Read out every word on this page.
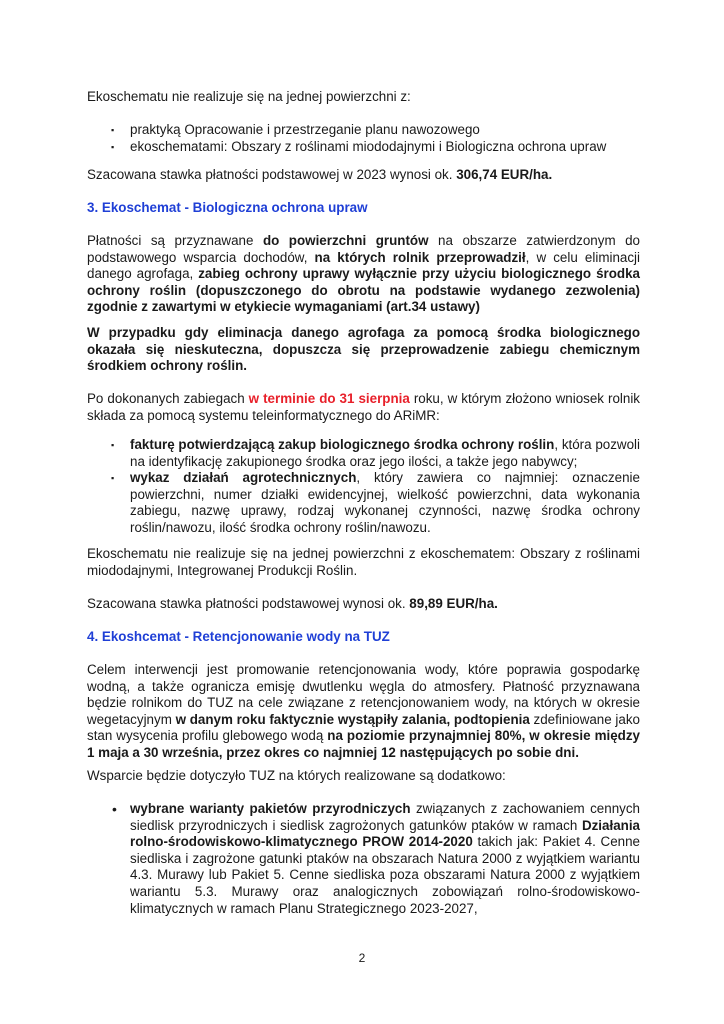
Ekoschematu nie realizuje się na jednej powierzchni z:

▪ praktyką Opracowanie i przestrzeganie planu nawozowego
▪ ekoschematami: Obszary z roślinami miododajnymi i Biologiczna ochrona upraw

Szacowana stawka płatności podstawowej w 2023 wynosi ok. 306,74 EUR/ha.

3. Ekoschemat - Biologiczna ochrona upraw

Płatności są przyznawane do powierzchni gruntów na obszarze zatwierdzonym do podstawowego wsparcia dochodów, na których rolnik przeprowadził, w celu eliminacji danego agrofaga, zabieg ochrony uprawy wyłącznie przy użyciu biologicznego środka ochrony roślin (dopuszczonego do obrotu na podstawie wydanego zezwolenia) zgodnie z zawartymi w etykiecie wymaganiami (art.34 ustawy)

W przypadku gdy eliminacja danego agrofaga za pomocą środka biologicznego okazała się nieskuteczna, dopuszcza się przeprowadzenie zabiegu chemicznym środkiem ochrony roślin.

Po dokonanych zabiegach w terminie do 31 sierpnia roku, w którym złożono wniosek rolnik składa za pomocą systemu teleinformatycznego do ARiMR:

▪ fakturę potwierdzającą zakup biologicznego środka ochrony roślin, która pozwoli na identyfikację zakupionego środka oraz jego ilości, a także jego nabywcy;
▪ wykaz działań agrotechnicznych, który zawiera co najmniej: oznaczenie powierzchni, numer działki ewidencyjnej, wielkość powierzchni, data wykonania zabiegu, nazwę uprawy, rodzaj wykonanej czynności, nazwę środka ochrony roślin/nawozu, ilość środka ochrony roślin/nawozu.

Ekoschematu nie realizuje się na jednej powierzchni z ekoschematem: Obszary z roślinami miododajnymi, Integrowanej Produkcji Roślin.

Szacowana stawka płatności podstawowej wynosi ok. 89,89 EUR/ha.

4. Ekoshcemat - Retencjonowanie wody na TUZ

Celem interwencji jest promowanie retencjonowania wody, które poprawia gospodarkę wodną, a także ogranicza emisję dwutlenku węgla do atmosfery. Płatność przyznawana będzie rolnikom do TUZ na cele związane z retencjonowaniem wody, na których w okresie wegetacyjnym w danym roku faktycznie wystąpiły zalania, podtopienia zdefiniowane jako stan wysycenia profilu glebowego wodą na poziomie przynajmniej 80%, w okresie między 1 maja a 30 września, przez okres co najmniej 12 następujących po sobie dni.

Wsparcie będzie dotyczyło TUZ na których realizowane są dodatkowo:

• wybrane warianty pakietów przyrodniczych związanych z zachowaniem cennych siedlisk przyrodniczych i siedlisk zagrożonych gatunków ptaków w ramach Działania rolno-środowiskowo-klimatycznego PROW 2014-2020 takich jak: Pakiet 4. Cenne siedliska i zagrożone gatunki ptaków na obszarach Natura 2000 z wyjątkiem wariantu 4.3. Murawy lub Pakiet 5. Cenne siedliska poza obszarami Natura 2000 z wyjątkiem wariantu 5.3. Murawy oraz analogicznych zobowiązań rolno-środowiskowo-klimatycznych w ramach Planu Strategicznego 2023-2027,
2
